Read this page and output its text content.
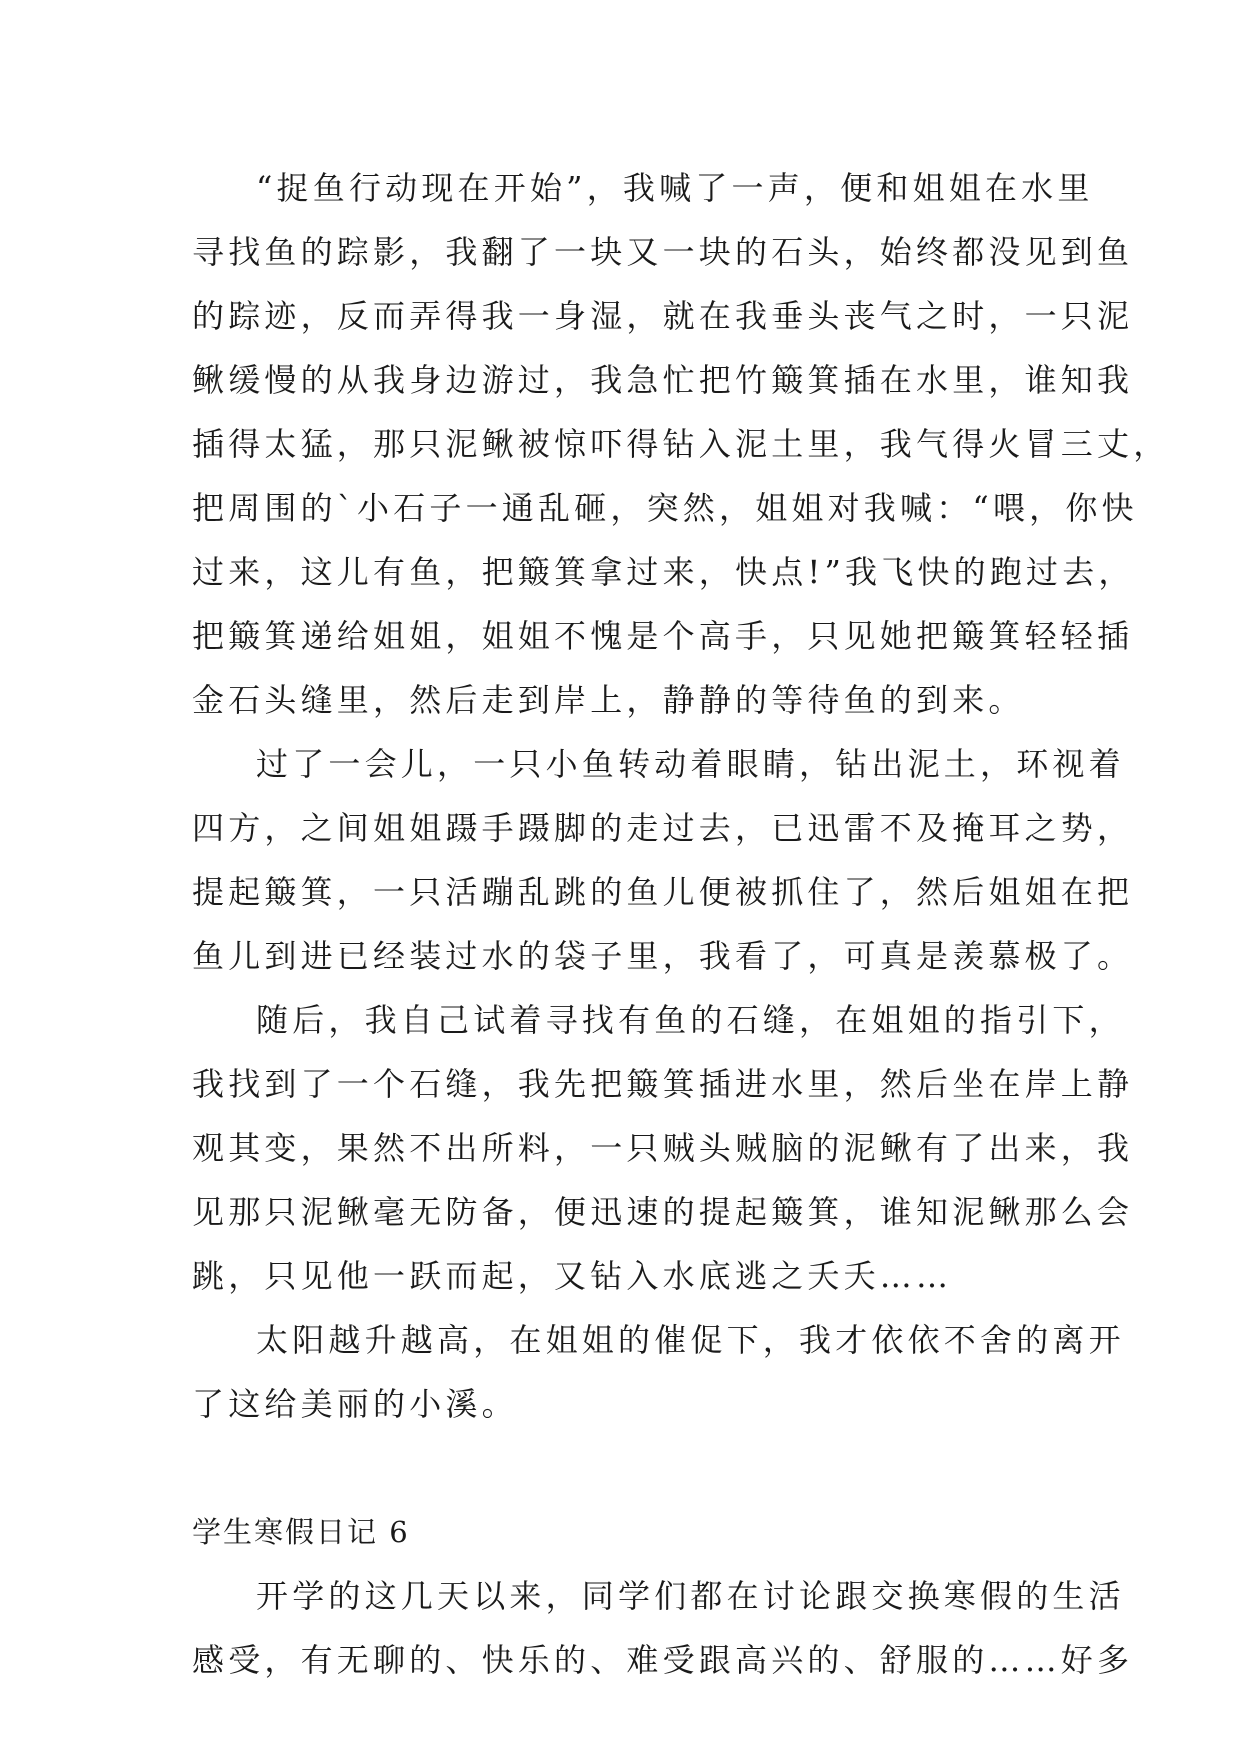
“捉鱼行动现在开始”，我喊了一声，便和姐姐在水里
寻找鱼的踪影，我翻了一块又一块的石头，始终都没见到鱼
的踪迹，反而弄得我一身湿，就在我垂头丧气之时，一只泥
鳅缓慢的从我身边游过，我急忙把竹簸箕插在水里，谁知我
插得太猛，那只泥鳅被惊吓得钻入泥土里，我气得火冒三丈，
把周围的`小石子一通乱砸，突然，姐姐对我喊：“喂，你快
过来，这儿有鱼，把簸箕拿过来，快点!”我飞快的跑过去，
把簸箕递给姐姐，姐姐不愧是个高手，只见她把簸箕轻轻插
金石头缝里，然后走到岸上，静静的等待鱼的到来。
过了一会儿，一只小鱼转动着眼睛，钻出泥土，环视着
四方，之间姐姐蹑手蹑脚的走过去，已迅雷不及掩耳之势，
提起簸箕，一只活蹦乱跳的鱼儿便被抓住了，然后姐姐在把
鱼儿到进已经装过水的袋子里，我看了，可真是羡慕极了。
随后，我自己试着寻找有鱼的石缝，在姐姐的指引下，
我找到了一个石缝，我先把簸箕插进水里，然后坐在岸上静
观其变，果然不出所料，一只贼头贼脑的泥鳅有了出来，我
见那只泥鳅毫无防备，便迅速的提起簸箕，谁知泥鳅那么会
跳，只见他一跃而起，又钻入水底逃之夭夭……
太阳越升越高，在姐姐的催促下，我才依依不舍的离开
了这给美丽的小溪。
学生寒假日记 6
开学的这几天以来，同学们都在讨论跟交换寒假的生活
感受，有无聊的、快乐的、难受跟高兴的、舒服的……好多
